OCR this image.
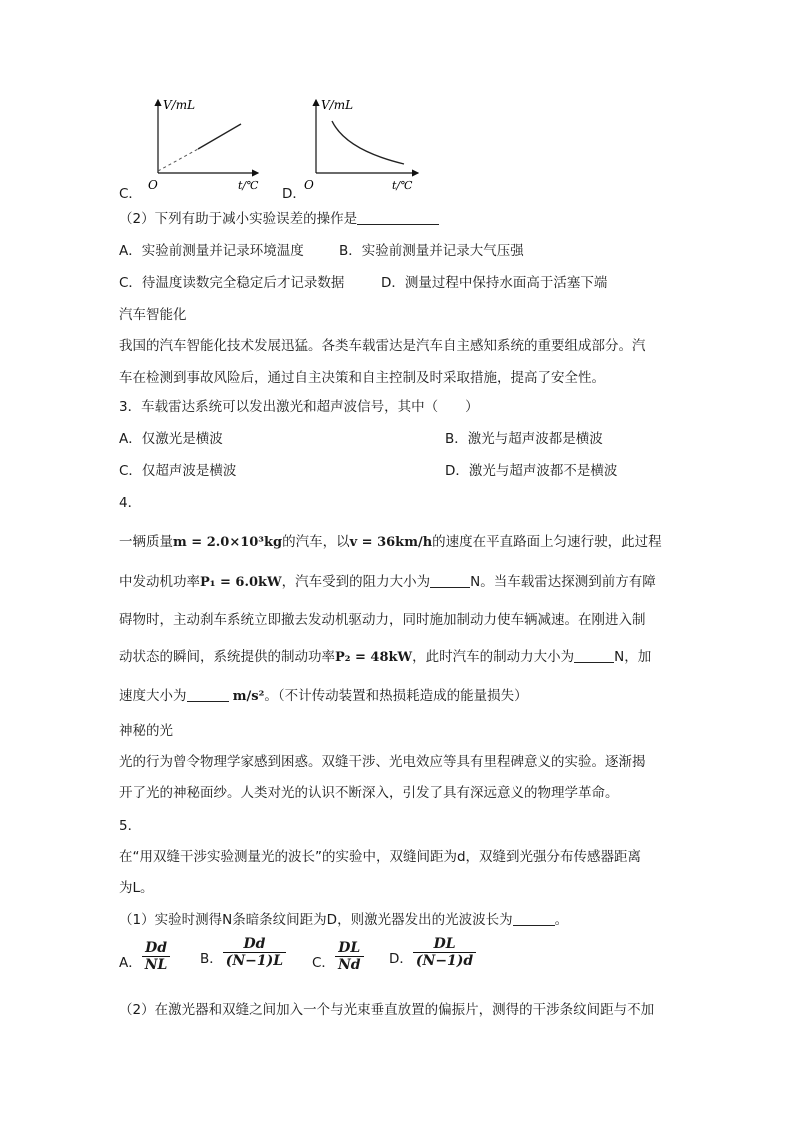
C．
V/mL
O	t/℃
D．
V/mL
O	t/℃
（2）下列有助于减小实验误差的操作是
A．实验前测量并记录环境温度	B．实验前测量并记录大气压强
C．待温度读数完全稳定后才记录数据	D．测量过程中保持水面高于活塞下端
汽车智能化
我国的汽车智能化技术发展迅猛。各类车载雷达是汽车自主感知系统的重要组成部分。汽
车在检测到事故风险后，通过自主决策和自主控制及时采取措施，提高了安全性。
3．车载雷达系统可以发出激光和超声波信号，其中（　　）
A．仅激光是横波	B．激光与超声波都是横波
C．仅超声波是横波	D．激光与超声波都不是横波
4．
一辆质量m = 2.0×10³kg的汽车，以v = 36km/h的速度在平直路面上匀速行驶，此过程
中发动机功率P₁ = 6.0kW，汽车受到的阻力大小为	N。当车载雷达探测到前方有障
碍物时，主动刹车系统立即撤去发动机驱动力，同时施加制动力使车辆减速。在刚进入制
动状态的瞬间，系统提供的制动功率P₂ = 48kW，此时汽车的制动力大小为	N，加
速度大小为	m/s²。（不计传动装置和热损耗造成的能量损失）
神秘的光
光的行为曾令物理学家感到困惑。双缝干涉、光电效应等具有里程碑意义的实验。逐渐揭
开了光的神秘面纱。人类对光的认识不断深入，引发了具有深远意义的物理学革命。
5．
在“用双缝干涉实验测量光的波长”的实验中，双缝间距为d，双缝到光强分布传感器距离
为L。
（1）实验时测得N条暗条纹间距为D，则激光器发出的光波波长为	。
A． $\frac{Dd}{NL}$ B． $\frac{Dd}{(N-1)L}$ C． $\frac{DL}{Nd}$ D． $\frac{DL}{(N-1)d}$
（2）在激光器和双缝之间加入一个与光束垂直放置的偏振片，测得的干涉条纹间距与不加
